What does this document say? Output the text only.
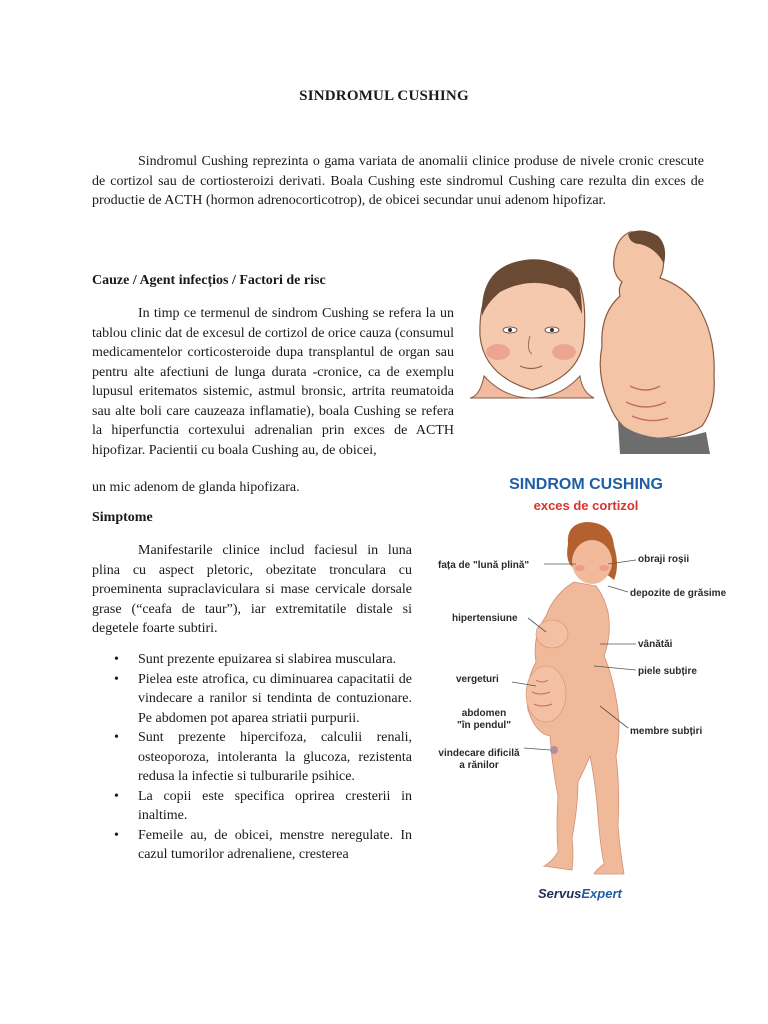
SINDROMUL CUSHING

Sindromul Cushing reprezinta o gama variata de anomalii clinice produse de nivele cronic crescute de cortizol sau de cortiosteroizi derivati. Boala Cushing este sindromul Cushing care rezulta din exces de productie de ACTH (hormon adrenocorticotrop), de obicei secundar unui adenom hipofizar.

Cauze / Agent infecțios / Factori de risc

In timp ce termenul de sindrom Cushing se refera la un tablou clinic dat de excesul de cortizol de orice cauza (consumul medicamentelor corticosteroide dupa transplantul de organ sau pentru alte afectiuni de lunga durata -cronice, ca de exemplu lupusul eritematos sistemic, astmul bronsic, artrita reumatoida sau alte boli care cauzeaza inflamatie), boala Cushing se refera la hiperfunctia cortexului adrenalian prin exces de ACTH hipofizar. Pacientii cu boala Cushing au, de obicei,

un mic adenom de glanda hipofizara.

Simptome

Manifestarile clinice includ faciesul in luna plina cu aspect pletoric, obezitate tronculara cu proeminenta supraclaviculara si mase cervicale dorsale grase (“ceafa de taur”), iar extremitatile distale si degetele foarte subtiri.

• Sunt prezente epuizarea si slabirea musculara.
• Pielea este atrofica, cu diminuarea capacitatii de vindecare a ranilor si tendinta de contuzionare. Pe abdomen pot aparea striatii purpurii.
• Sunt prezente hipercifoza, calculii renali, osteoporoza, intoleranta la glucoza, rezistenta redusa la infectie si tulburarile psihice.
• La copii este specifica oprirea cresterii in inaltime.
• Femeile au, de obicei, menstre neregulate. In cazul tumorilor adrenaliene, cresterea
SINDROM CUSHING
exces de cortizol
fața de "lună plină"
obraji roșii
depozite de grăsime
hipertensiune
vânătăi
piele subțire
vergeturi
abdomen
"în pendul"
membre subțiri
vindecare dificilă
a rănilor
ServusExpert
